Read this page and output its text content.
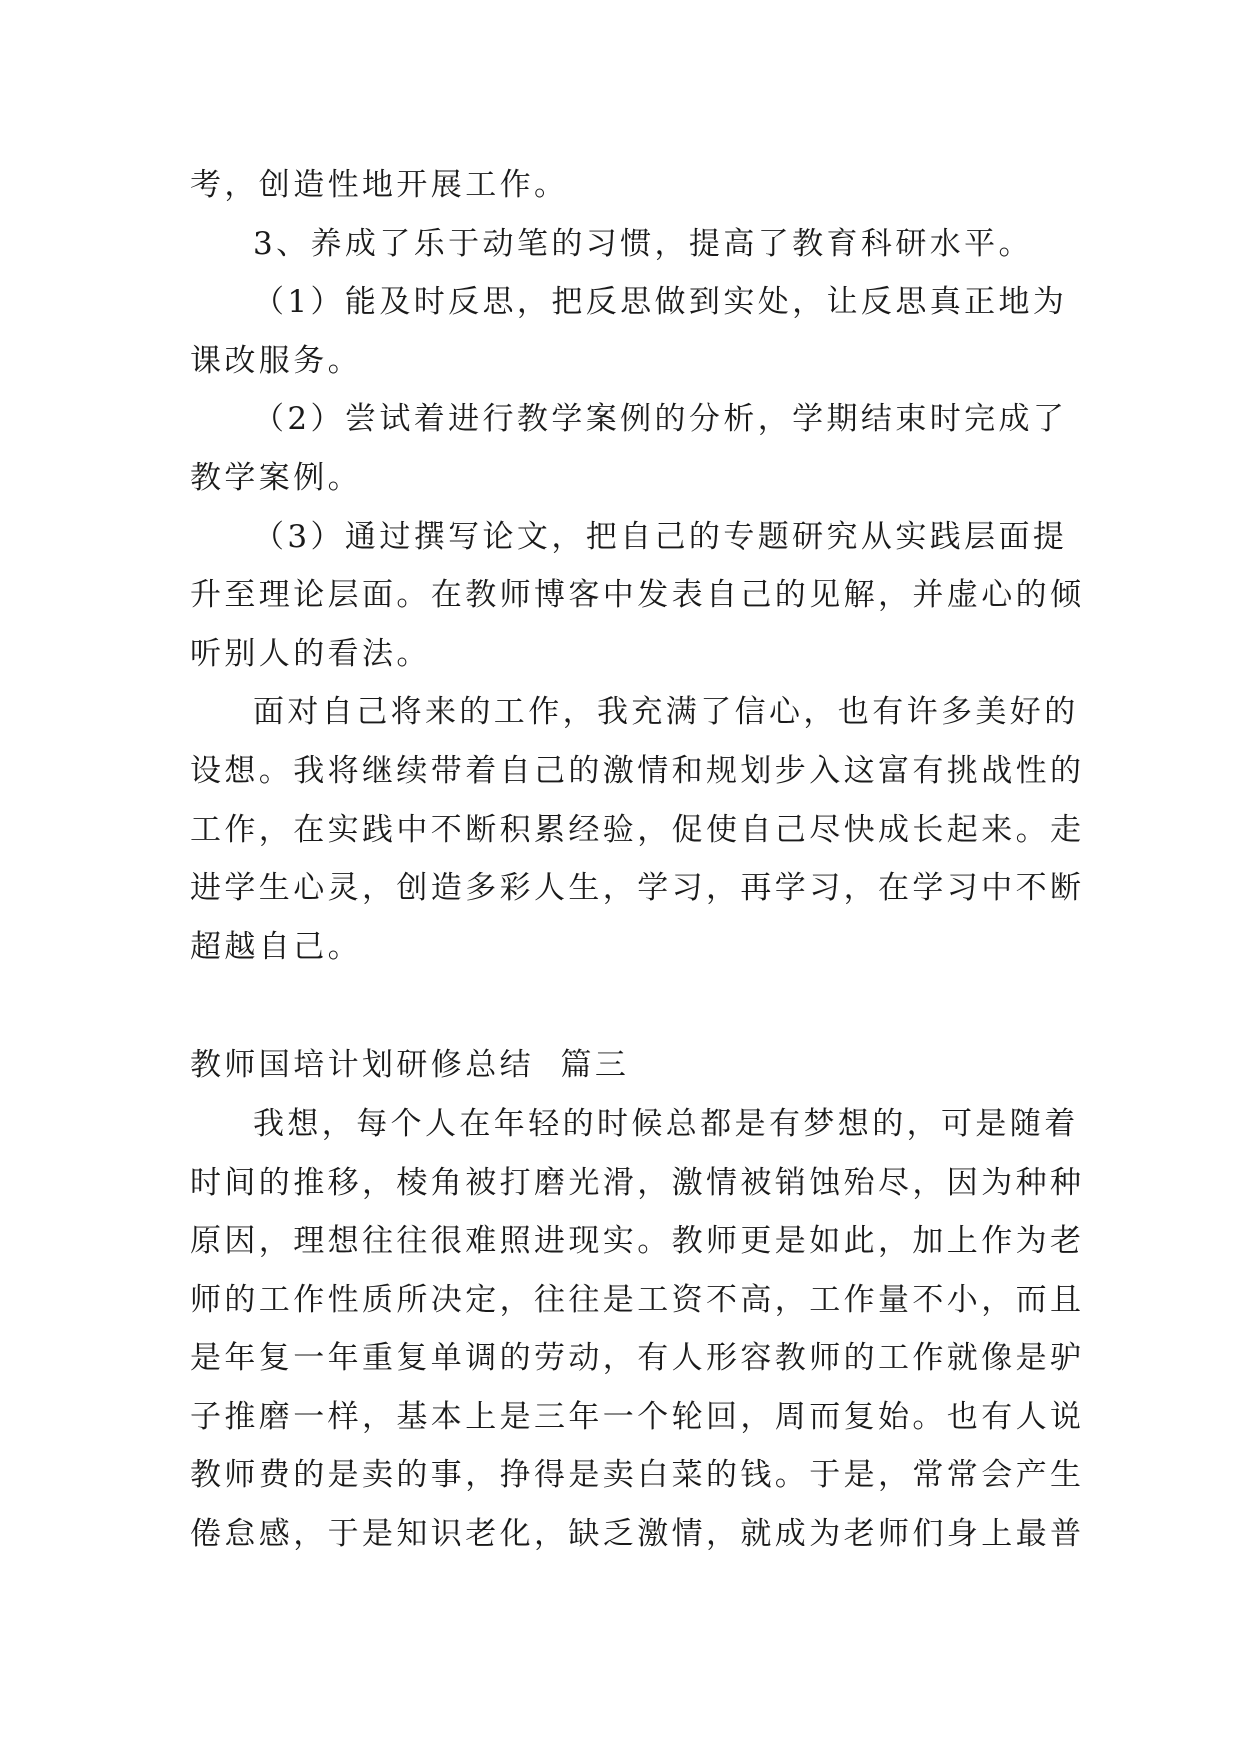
考，创造性地开展工作。
3、养成了乐于动笔的习惯，提高了教育科研水平。
（1）能及时反思，把反思做到实处，让反思真正地为
课改服务。
（2）尝试着进行教学案例的分析，学期结束时完成了
教学案例。
（3）通过撰写论文，把自己的专题研究从实践层面提
升至理论层面。在教师博客中发表自己的见解，并虚心的倾
听别人的看法。
面对自己将来的工作，我充满了信心，也有许多美好的
设想。我将继续带着自己的激情和规划步入这富有挑战性的
工作，在实践中不断积累经验，促使自己尽快成长起来。走
进学生心灵，创造多彩人生，学习，再学习，在学习中不断
超越自己。
教师国培计划研修总结  篇三
我想，每个人在年轻的时候总都是有梦想的，可是随着
时间的推移，棱角被打磨光滑，激情被销蚀殆尽，因为种种
原因，理想往往很难照进现实。教师更是如此，加上作为老
师的工作性质所决定，往往是工资不高，工作量不小，而且
是年复一年重复单调的劳动，有人形容教师的工作就像是驴
子推磨一样，基本上是三年一个轮回，周而复始。也有人说
教师费的是卖的事，挣得是卖白菜的钱。于是，常常会产生
倦怠感，于是知识老化，缺乏激情，就成为老师们身上最普
